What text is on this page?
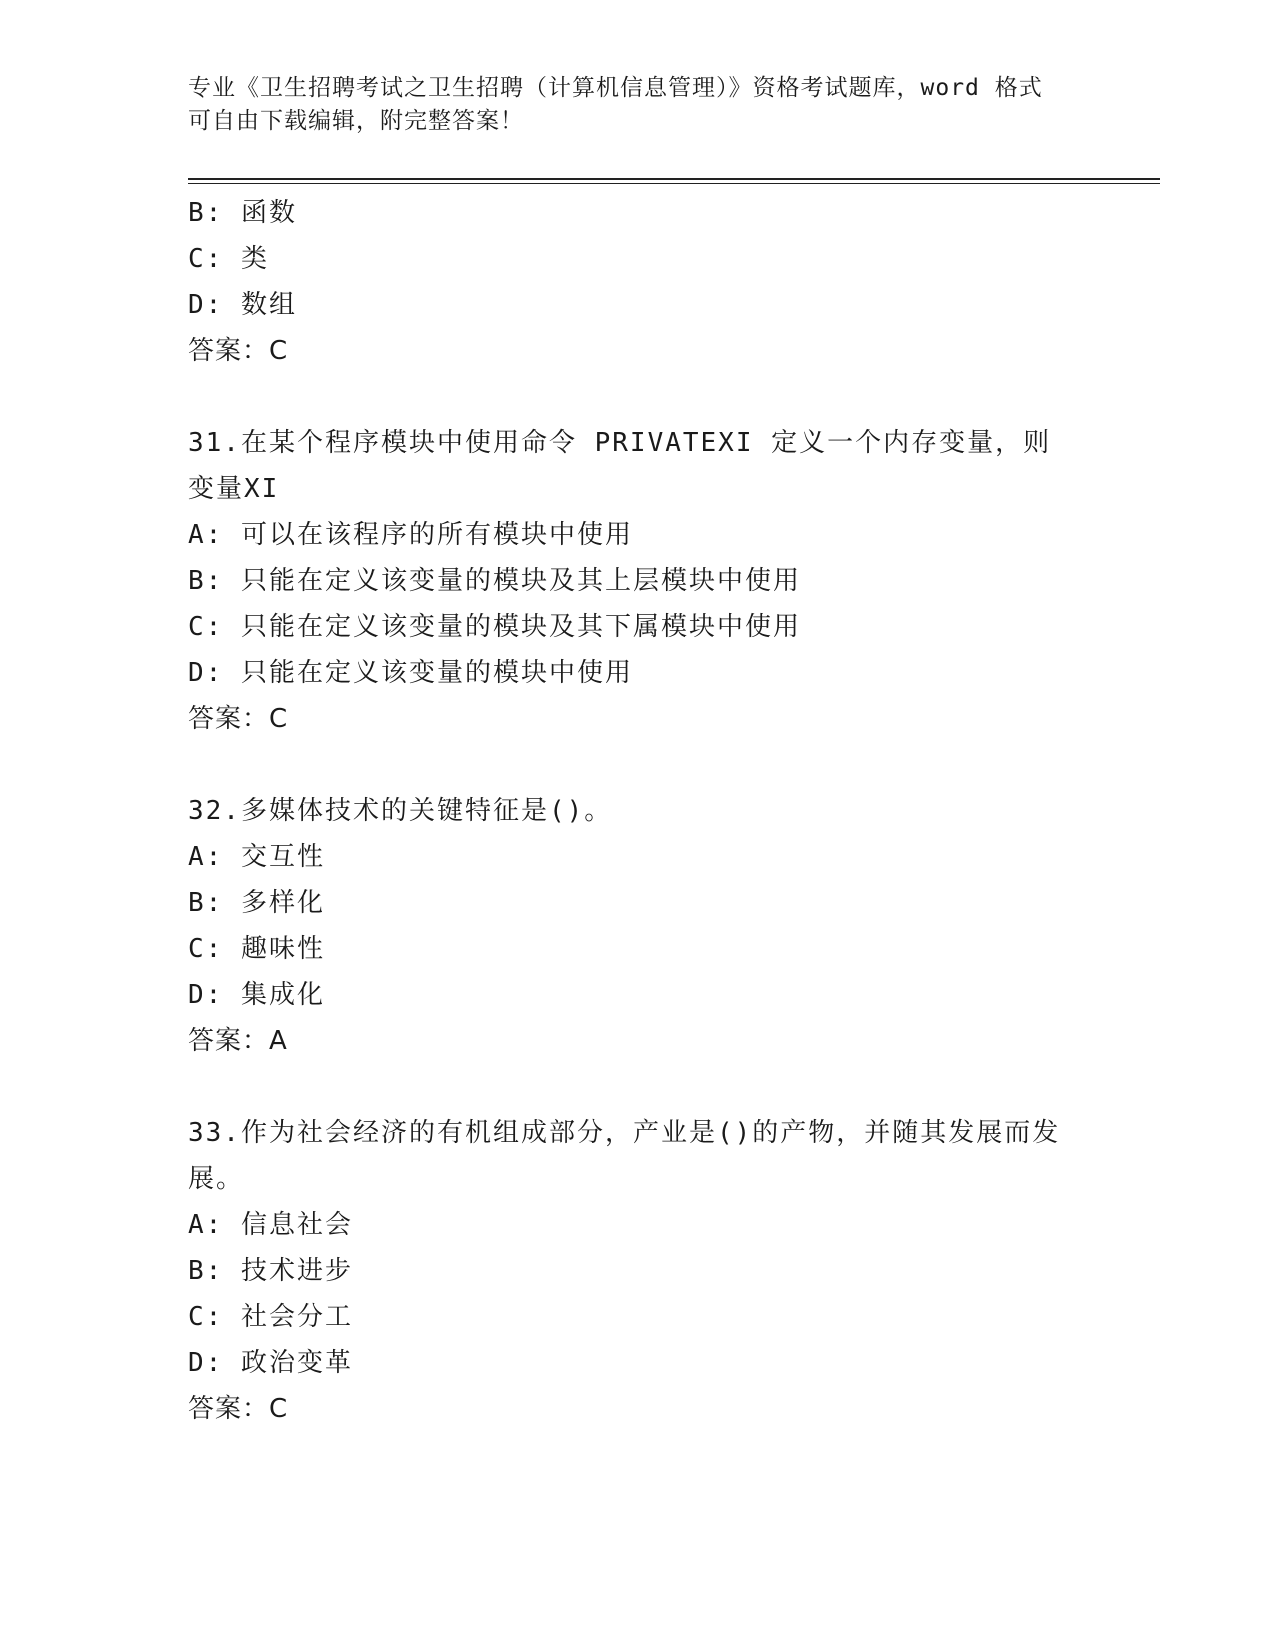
专业《卫生招聘考试之卫生招聘（计算机信息管理）》资格考试题库，word 格式
可自由下载编辑，附完整答案！
B: 函数
C: 类
D: 数组
答案：C
31.在某个程序模块中使用命令 PRIVATEXI 定义一个内存变量，则变量XI
A: 可以在该程序的所有模块中使用
B: 只能在定义该变量的模块及其上层模块中使用
C: 只能在定义该变量的模块及其下属模块中使用
D: 只能在定义该变量的模块中使用
答案：C
32.多媒体技术的关键特征是()。
A: 交互性
B: 多样化
C: 趣味性
D: 集成化
答案：A
33.作为社会经济的有机组成部分，产业是()的产物，并随其发展而发展。
A: 信息社会
B: 技术进步
C: 社会分工
D: 政治变革
答案：C
